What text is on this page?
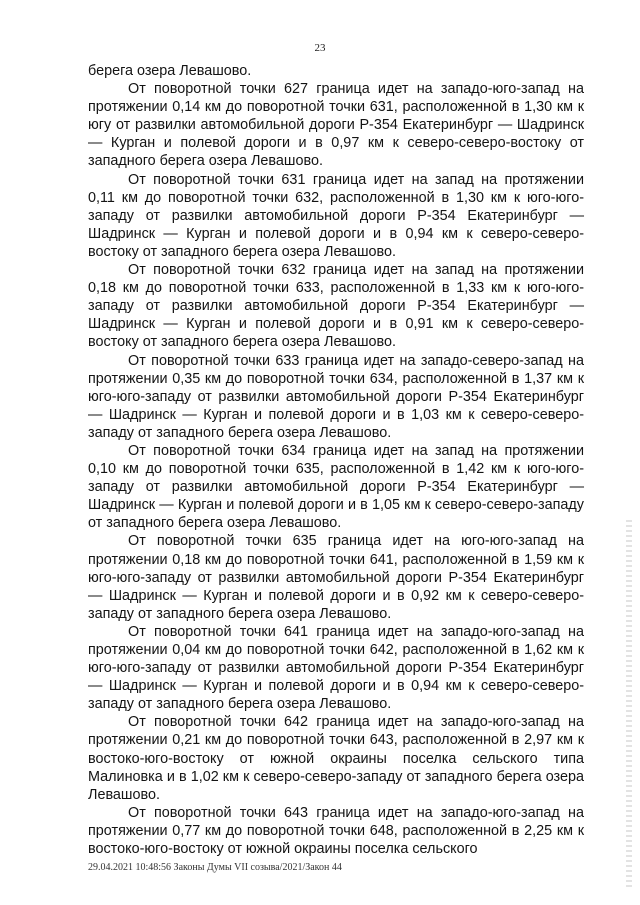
23

берега озера Левашово.

От поворотной точки 627 граница идет на западо-юго-запад на протяжении 0,14 км до поворотной точки 631, расположенной в 1,30 км к югу от развилки автомобильной дороги Р-354 Екатеринбург — Шадринск — Курган и полевой дороги и в 0,97 км к северо-северо-востоку от западного берега озера Левашово.

От поворотной точки 631 граница идет на запад на протяжении 0,11 км до поворотной точки 632, расположенной в 1,30 км к юго-юго-западу от развилки автомобильной дороги Р-354 Екатеринбург — Шадринск — Курган и полевой дороги и в 0,94 км к северо-северо-востоку от западного берега озера Левашово.

От поворотной точки 632 граница идет на запад на протяжении 0,18 км до поворотной точки 633, расположенной в 1,33 км к юго-юго-западу от развилки автомобильной дороги Р-354 Екатеринбург — Шадринск — Курган и полевой дороги и в 0,91 км к северо-северо-востоку от западного берега озера Левашово.

От поворотной точки 633 граница идет на западо-северо-запад на протяжении 0,35 км до поворотной точки 634, расположенной в 1,37 км к юго-юго-западу от развилки автомобильной дороги Р-354 Екатеринбург — Шадринск — Курган и полевой дороги и в 1,03 км к северо-северо-западу от западного берега озера Левашово.

От поворотной точки 634 граница идет на запад на протяжении 0,10 км до поворотной точки 635, расположенной в 1,42 км к юго-юго-западу от развилки автомобильной дороги Р-354 Екатеринбург — Шадринск — Курган и полевой дороги и в 1,05 км к северо-северо-западу от западного берега озера Левашово.

От поворотной точки 635 граница идет на юго-юго-запад на протяжении 0,18 км до поворотной точки 641, расположенной в 1,59 км к юго-юго-западу от развилки автомобильной дороги Р-354 Екатеринбург — Шадринск — Курган и полевой дороги и в 0,92 км к северо-северо-западу от западного берега озера Левашово.

От поворотной точки 641 граница идет на западо-юго-запад на протяжении 0,04 км до поворотной точки 642, расположенной в 1,62 км к юго-юго-западу от развилки автомобильной дороги Р-354 Екатеринбург — Шадринск — Курган и полевой дороги и в 0,94 км к северо-северо-западу от западного берега озера Левашово.

От поворотной точки 642 граница идет на западо-юго-запад на протяжении 0,21 км до поворотной точки 643, расположенной в 2,97 км к востоко-юго-востоку от южной окраины поселка сельского типа Малиновка и в 1,02 км к северо-северо-западу от западного берега озера Левашово.

От поворотной точки 643 граница идет на западо-юго-запад на протяжении 0,77 км до поворотной точки 648, расположенной в 2,25 км к востоко-юго-востоку от южной окраины поселка сельского

29.04.2021 10:48:56 Законы Думы VII созыва/2021/Закон 44
